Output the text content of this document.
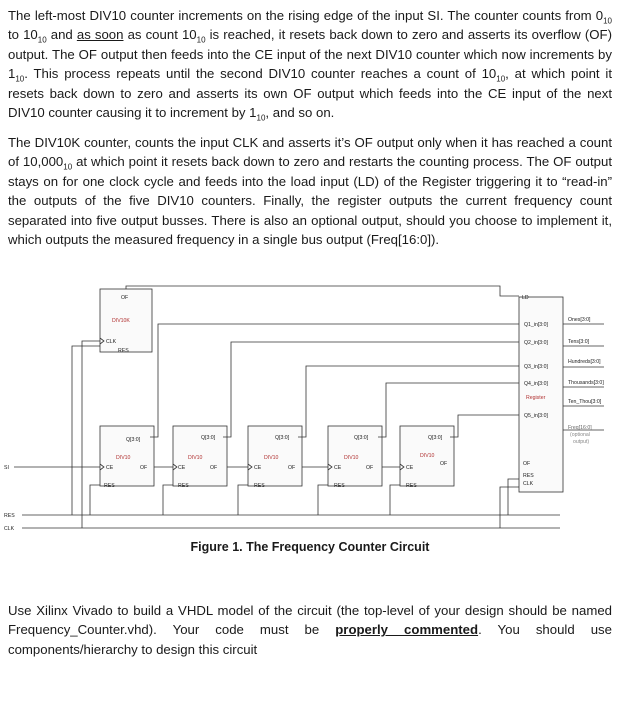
The left-most DIV10 counter increments on the rising edge of the input SI. The counter counts from $0_{10}$ to $10_{10}$ and as soon as count $10_{10}$ is reached, it resets back down to zero and asserts its overflow (OF) output. The OF output then feeds into the CE input of the next DIV10 counter which now increments by $1_{10}$. This process repeats until the second DIV10 counter reaches a count of $10_{10}$, at which point it resets back down to zero and asserts its own OF output which feeds into the CE input of the next DIV10 counter causing it to increment by $1_{10}$, and so on.

The DIV10K counter, counts the input CLK and asserts it’s OF output only when it has reached a count of $10,000_{10}$ at which point it resets back down to zero and restarts the counting process. The OF output stays on for one clock cycle and feeds into the load input (LD) of the Register triggering it to “read-in” the outputs of the five DIV10 counters. Finally, the register outputs the current frequency count separated into five output busses. There is also an optional output, should you choose to implement it, which outputs the measured frequency in a single bus output (Freq[16:0]).

OF
DIV10K
CLK
RES
Q[3:0]
DIV10
CE	OF
RES
Q[3:0]
DIV10
CE	OF
RES
Q[3:0]
DIV10
CE	OF
RES
Q[3:0]
DIV10
CE	OF
RES
Q[3:0]
DIV10
CE
OF
RES
LD
Q1_in[3:0]
Q2_in[3:0]
Q3_in[3:0]
Q4_in[3:0]
Register
Q5_in[3:0]
OF
RES
CLK
Ones[3:0]
Tens[3:0]
Hundreds[3:0]
Thousands[3:0]
Ten_Thou[3:0]
Freq[16:0]
(optional
output)
SI
RES
CLK
Figure 1. The Frequency Counter Circuit

Use Xilinx Vivado to build a VHDL model of the circuit (the top-level of your design should be named Frequency_Counter.vhd). Your code must be properly commented. You should use components/hierarchy to design this circuit
